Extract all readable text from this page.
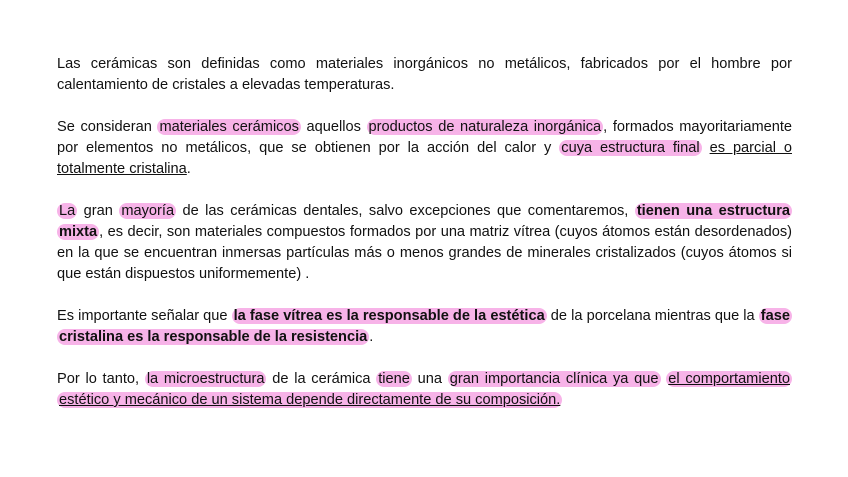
Las cerámicas son definidas como materiales inorgánicos no metálicos, fabricados por el hombre por calentamiento de cristales a elevadas temperaturas.

Se consideran materiales cerámicos aquellos productos de naturaleza inorgánica , formados mayoritariamente por elementos no metálicos, que se obtienen por la acción del calor y cuya estructura final es parcial o totalmente cristalina.

La gran mayoría de las cerámicas dentales, salvo excepciones que comentaremos, tienen una estructura mixta , es decir, son materiales compuestos formados por una matriz vítrea (cuyos átomos están desordenados) en la que se encuentran inmersas partículas más o menos grandes de minerales cristalizados (cuyos átomos si que están dispuestos uniformemente) .

Es importante señalar que la fase vítrea es la responsable de la estética de la porcelana mientras que la fase cristalina es la responsable de la resistencia .

Por lo tanto, la microestructura de la cerámica tiene una gran importancia clínica ya que el comportamiento estético y mecánico de un sistema depende directamente de su composición.
